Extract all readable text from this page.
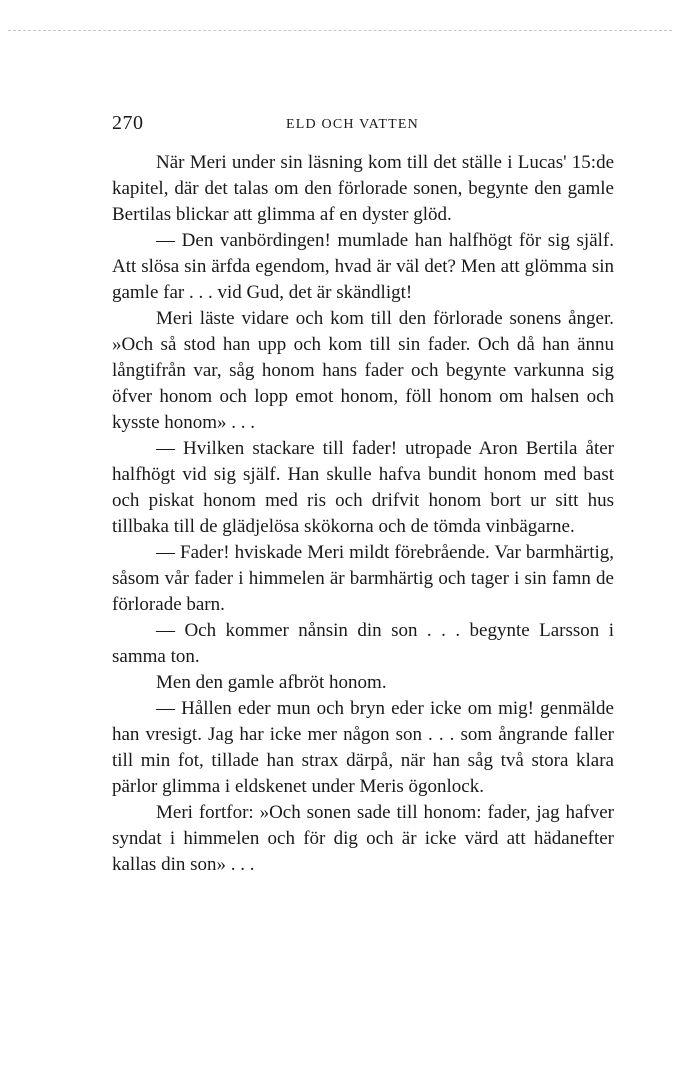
270	ELD OCH VATTEN

När Meri under sin läsning kom till det ställe i Lucas' 15:de kapitel, där det talas om den förlorade sonen, begynte den gamle Bertilas blickar att glimma af en dyster glöd.

— Den vanbördingen! mumlade han halfhögt för sig själf. Att slösa sin ärfda egendom, hvad är väl det? Men att glömma sin gamle far . . . vid Gud, det är skändligt!

Meri läste vidare och kom till den förlorade sonens ånger. »Och så stod han upp och kom till sin fader. Och då han ännu långtifrån var, såg honom hans fader och begynte varkunna sig öfver honom och lopp emot honom, föll honom om halsen och kysste honom» . . .

— Hvilken stackare till fader! utropade Aron Bertila åter halfhögt vid sig själf. Han skulle hafva bundit honom med bast och piskat honom med ris och drifvit honom bort ur sitt hus tillbaka till de glädjelösa skökorna och de tömda vinbägarne.

— Fader! hviskade Meri mildt förebrående. Var barmhärtig, såsom vår fader i himmelen är barmhärtig och tager i sin famn de förlorade barn.

— Och kommer nånsin din son . . . begynte Larsson i samma ton.

Men den gamle afbröt honom.

— Hållen eder mun och bryn eder icke om mig! genmälde han vresigt. Jag har icke mer någon son . . . som ångrande faller till min fot, tillade han strax därpå, när han såg två stora klara pärlor glimma i eldskenet under Meris ögonlock.

Meri fortfor: »Och sonen sade till honom: fader, jag hafver syndat i himmelen och för dig och är icke värd att hädanefter kallas din son» . . .
